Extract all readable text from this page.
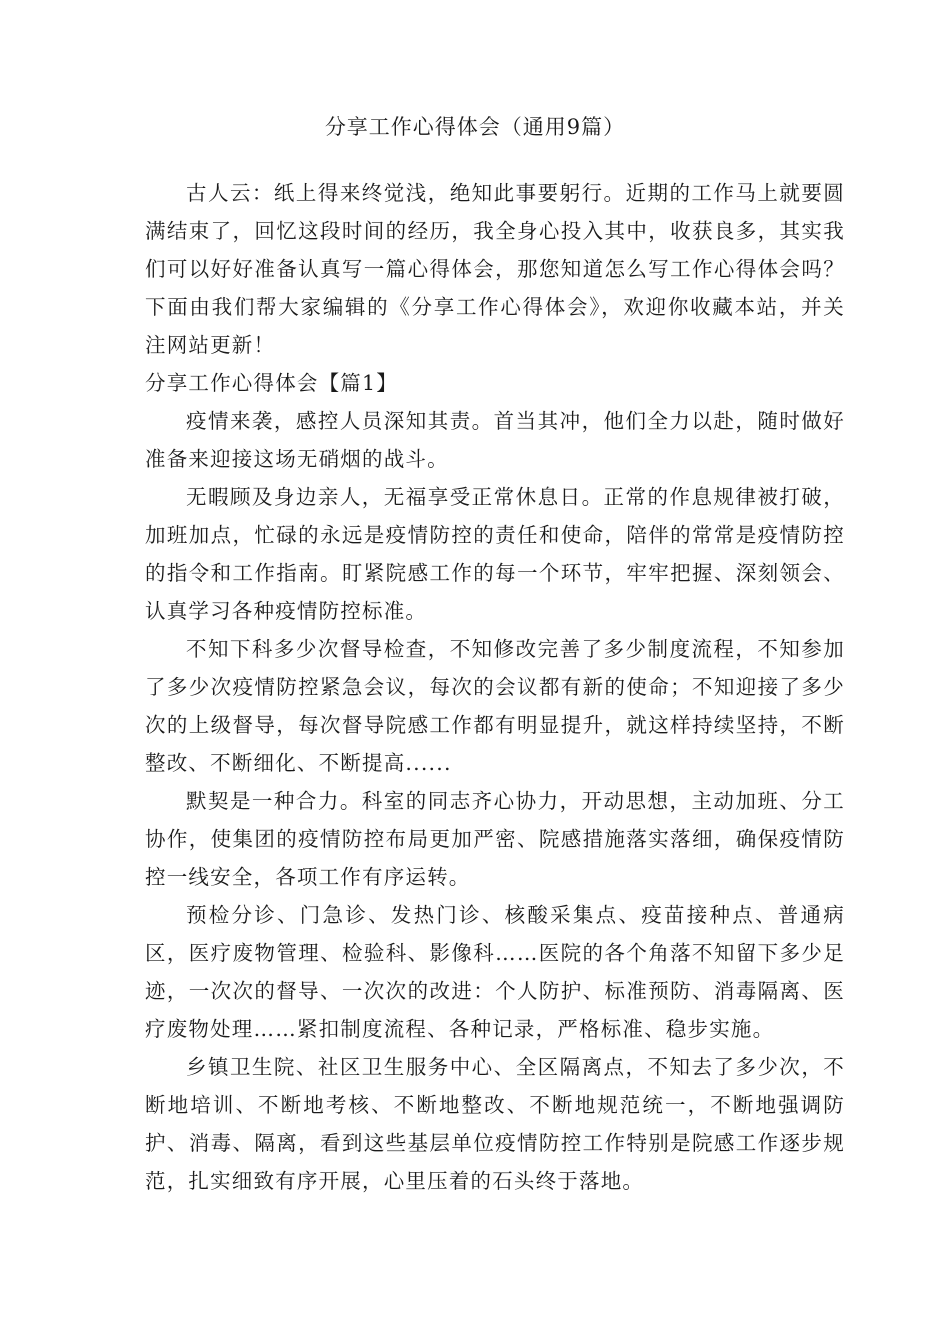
分享工作心得体会（通用9篇）

古人云：纸上得来终觉浅，绝知此事要躬行。近期的工作马上就要圆满结束了，回忆这段时间的经历，我全身心投入其中，收获良多，其实我们可以好好准备认真写一篇心得体会，那您知道怎么写工作心得体会吗？下面由我们帮大家编辑的《分享工作心得体会》，欢迎你收藏本站，并关注网站更新！

分享工作心得体会【篇1】

疫情来袭，感控人员深知其责。首当其冲，他们全力以赴，随时做好准备来迎接这场无硝烟的战斗。

无暇顾及身边亲人，无福享受正常休息日。正常的作息规律被打破，加班加点，忙碌的永远是疫情防控的责任和使命，陪伴的常常是疫情防控的指令和工作指南。盯紧院感工作的每一个环节，牢牢把握、深刻领会、认真学习各种疫情防控标准。

不知下科多少次督导检查，不知修改完善了多少制度流程，不知参加了多少次疫情防控紧急会议，每次的会议都有新的使命；不知迎接了多少次的上级督导，每次督导院感工作都有明显提升，就这样持续坚持，不断整改、不断细化、不断提高......

默契是一种合力。科室的同志齐心协力，开动思想，主动加班、分工协作，使集团的疫情防控布局更加严密、院感措施落实落细，确保疫情防控一线安全，各项工作有序运转。

预检分诊、门急诊、发热门诊、核酸采集点、疫苗接种点、普通病区，医疗废物管理、检验科、影像科……医院的各个角落不知留下多少足迹，一次次的督导、一次次的改进：个人防护、标准预防、消毒隔离、医疗废物处理……紧扣制度流程、各种记录，严格标准、稳步实施。

乡镇卫生院、社区卫生服务中心、全区隔离点，不知去了多少次，不断地培训、不断地考核、不断地整改、不断地规范统一，不断地强调防护、消毒、隔离，看到这些基层单位疫情防控工作特别是院感工作逐步规范，扎实细致有序开展，心里压着的石头终于落地。
